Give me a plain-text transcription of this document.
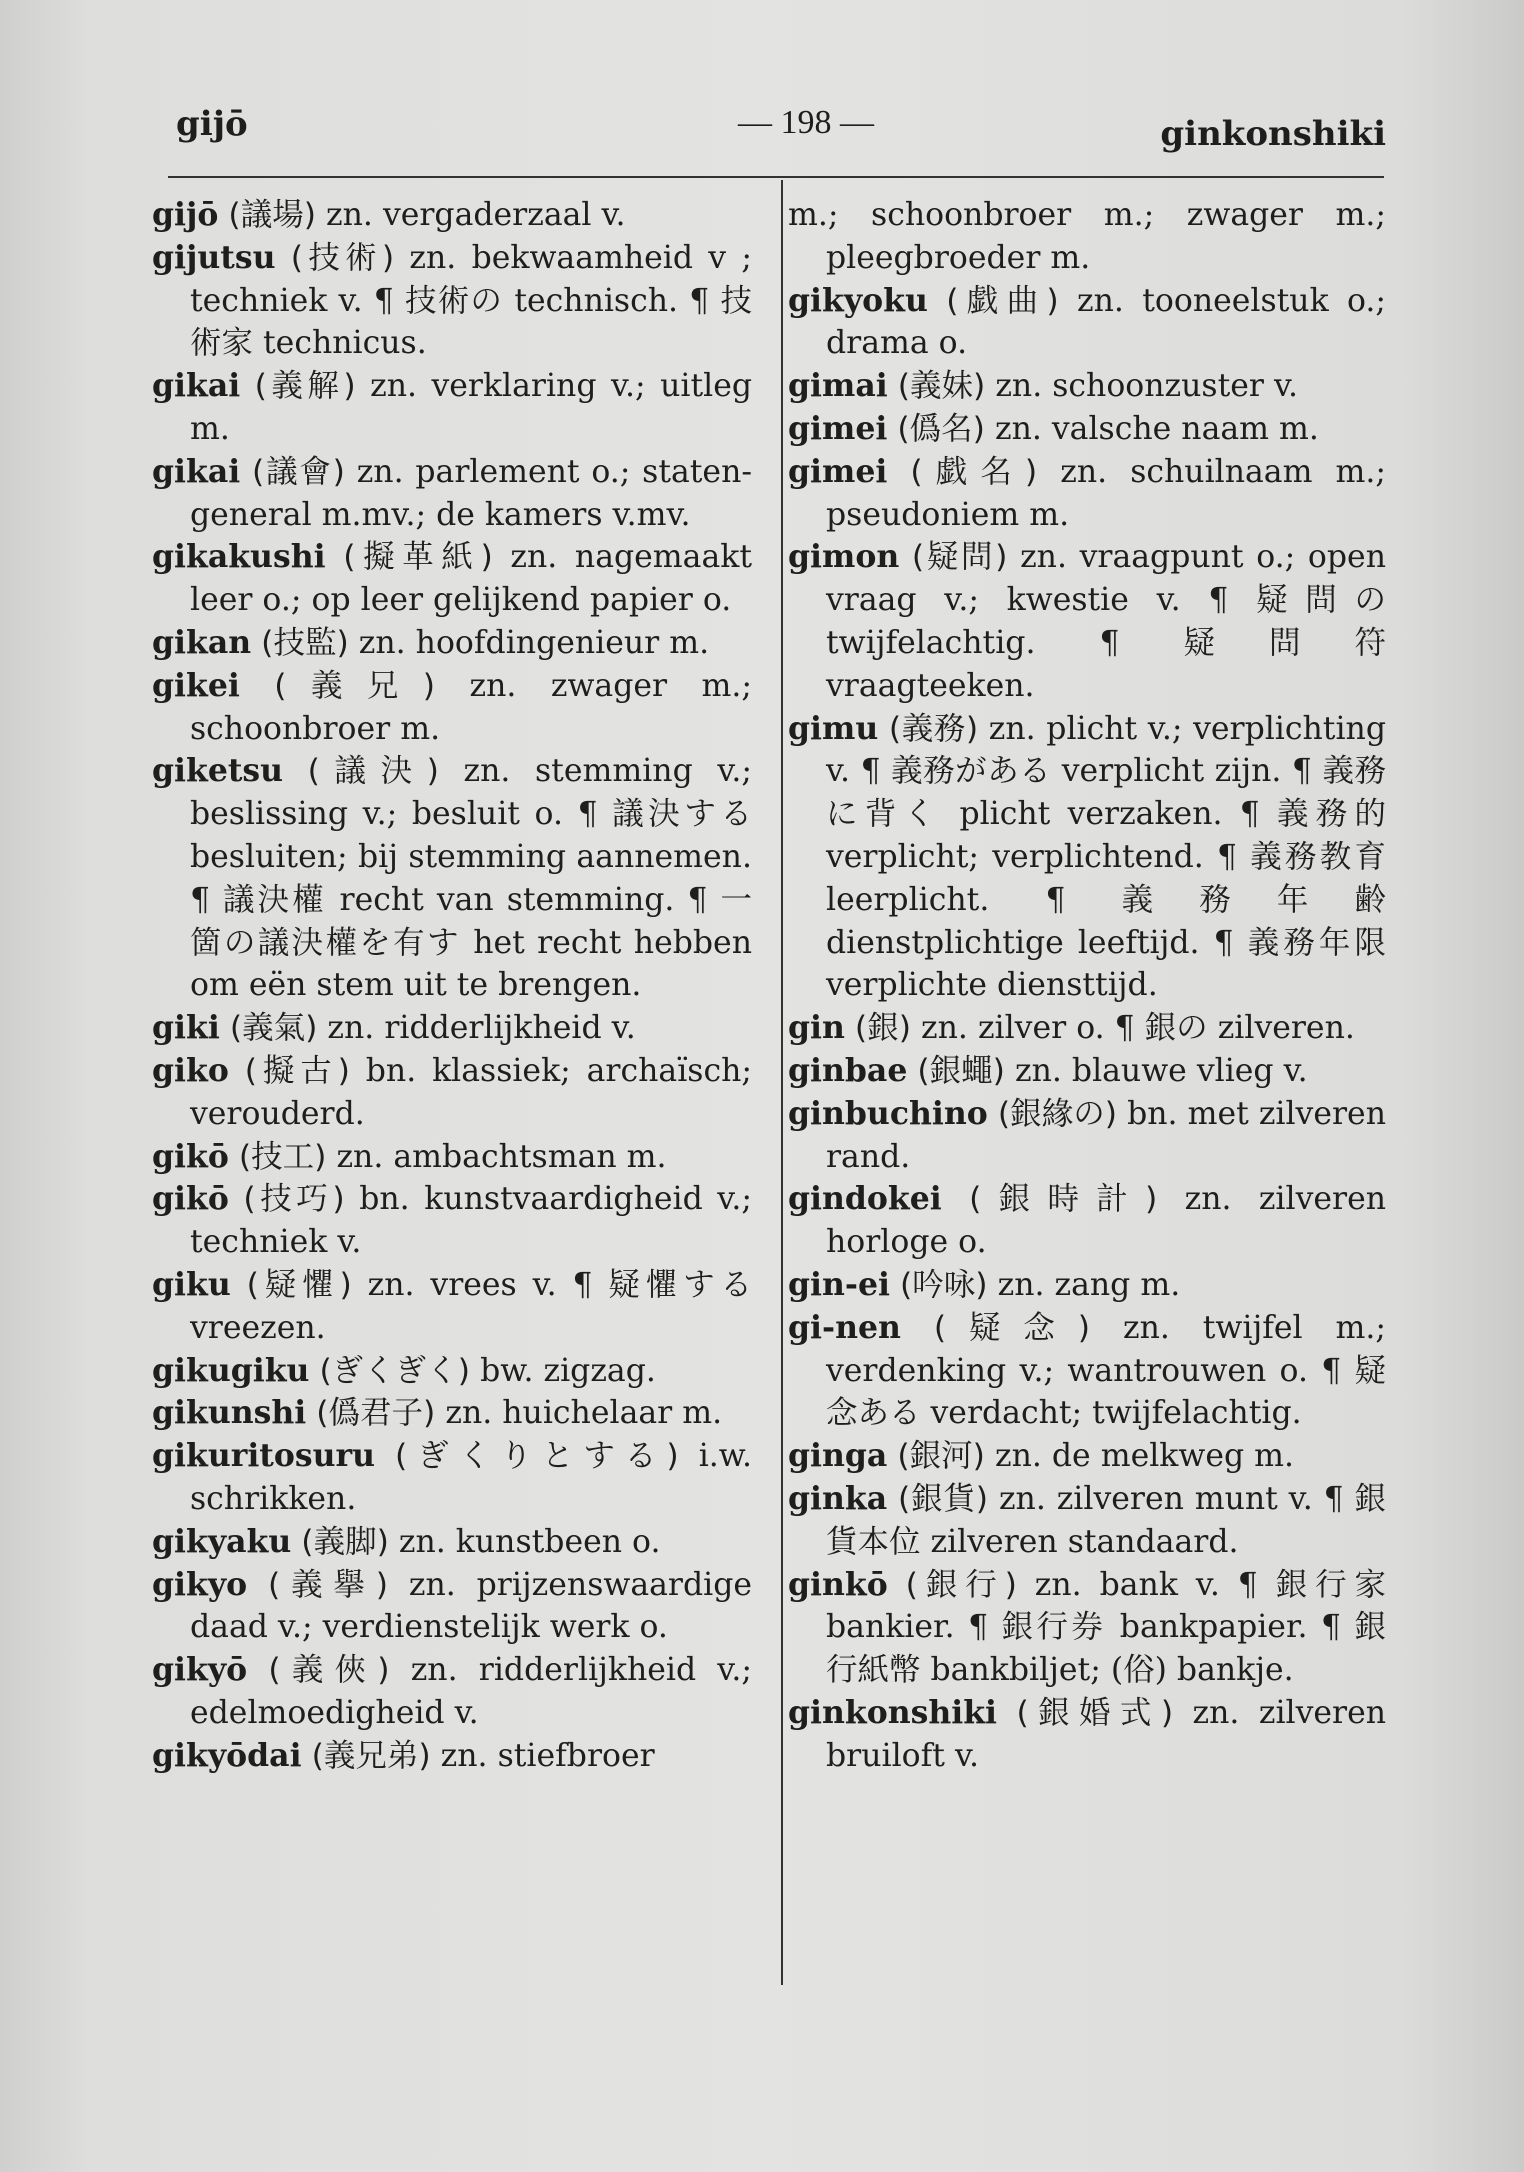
gijō	— 198 —	ginkonshiki

gijō (議場) zn. vergaderzaal v.

gijutsu (技術) zn. bekwaamheid v ; techniek v. ¶ 技術の technisch. ¶ 技術家 technicus.

gikai (義解) zn. verklaring v.; uitleg m.

gikai (議會) zn. parlement o.; staten-general m.mv.; de kamers v.mv.

gikakushi (擬革紙) zn. nagemaakt leer o.; op leer gelijkend papier o.

gikan (技監) zn. hoofdingenieur m.

gikei (義兄) zn. zwager m.; schoonbroer m.

giketsu (議決) zn. stemming v.; beslissing v.; besluit o. ¶ 議決する besluiten; bij stemming aannemen. ¶ 議決權 recht van stemming. ¶ 一箇の議決權を有す het recht hebben om eën stem uit te brengen.

giki (義氣) zn. ridderlijkheid v.

giko (擬古) bn. klassiek; archaïsch; verouderd.

gikō (技工) zn. ambachtsman m.

gikō (技巧) bn. kunstvaardigheid v.; techniek v.

giku (疑懼) zn. vrees v. ¶ 疑懼する vreezen.

gikugiku (ぎくぎく) bw. zigzag.

gikunshi (僞君子) zn. huichelaar m.

gikuritosuru (ぎくりとする) i.w. schrikken.

gikyaku (義脚) zn. kunstbeen o.

gikyo (義擧) zn. prijzenswaardige daad v.; verdienstelijk werk o.

gikyō (義俠) zn. ridderlijkheid v.; edelmoedigheid v.

gikyōdai (義兄弟) zn. stiefbroer

m.; schoonbroer m.; zwager m.; pleegbroeder m.

gikyoku (戯曲) zn. tooneelstuk o.; drama o.

gimai (義妹) zn. schoonzuster v.

gimei (僞名) zn. valsche naam m.

gimei (戯名) zn. schuilnaam m.; pseudoniem m.

gimon (疑問) zn. vraagpunt o.; open vraag v.; kwestie v. ¶ 疑問の twijfelachtig. ¶ 疑問符 vraagteeken.

gimu (義務) zn. plicht v.; verplichting v. ¶ 義務がある verplicht zijn. ¶ 義務に背く plicht verzaken. ¶ 義務的 verplicht; verplichtend. ¶ 義務教育 leerplicht. ¶ 義務年齢 dienstplichtige leeftijd. ¶ 義務年限 verplichte diensttijd.

gin (銀) zn. zilver o. ¶ 銀の zilveren.

ginbae (銀蠅) zn. blauwe vlieg v.

ginbuchino (銀緣の) bn. met zilveren rand.

gindokei (銀時計) zn. zilveren horloge o.

gin-ei (吟咏) zn. zang m.

gi-nen (疑念) zn. twijfel m.; verdenking v.; wantrouwen o. ¶ 疑念ある verdacht; twijfelachtig.

ginga (銀河) zn. de melkweg m.

ginka (銀貨) zn. zilveren munt v. ¶ 銀貨本位 zilveren standaard.

ginkō (銀行) zn. bank v. ¶ 銀行家 bankier. ¶ 銀行券 bankpapier. ¶ 銀行紙幣 bankbiljet; (俗) bankje.

ginkonshiki (銀婚式) zn. zilveren bruiloft v.
